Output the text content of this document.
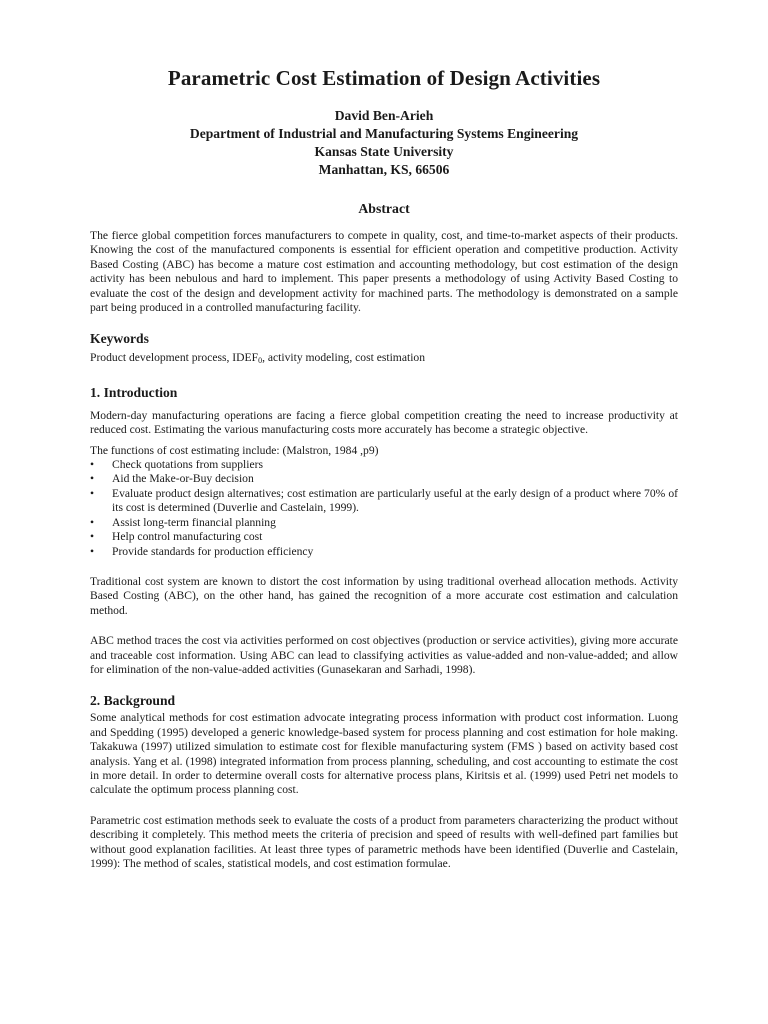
Parametric Cost Estimation of Design Activities
David Ben-Arieh
Department of Industrial and Manufacturing Systems Engineering
Kansas State University
Manhattan, KS, 66506
Abstract

The fierce global competition forces manufacturers to compete in quality, cost, and time-to-market aspects of their products. Knowing the cost of the manufactured components is essential for efficient operation and competitive production. Activity Based Costing (ABC) has become a mature cost estimation and accounting methodology, but cost estimation of the design activity has been nebulous and hard to implement. This paper presents a methodology of using Activity Based Costing to evaluate the cost of the design and development activity for machined parts. The methodology is demonstrated on a sample part being produced in a controlled manufacturing facility.

Keywords
Product development process, $IDEF_0$, activity modeling, cost estimation
1. Introduction

Modern-day manufacturing operations are facing a fierce global competition creating the need to increase productivity at reduced cost. Estimating the various manufacturing costs more accurately has become a strategic objective.

The functions of cost estimating include: (Malstron, 1984 ,p9)

• Check quotations from suppliers
• Aid the Make-or-Buy decision
• Evaluate product design alternatives; cost estimation are particularly useful at the early design of a product where 70% of its cost is determined (Duverlie and Castelain, 1999).
• Assist long-term financial planning
• Help control manufacturing cost
• Provide standards for production efficiency

Traditional cost system are known to distort the cost information by using traditional overhead allocation methods. Activity Based Costing (ABC), on the other hand, has gained the recognition of a more accurate cost estimation and calculation method.

ABC method traces the cost via activities performed on cost objectives (production or service activities), giving more accurate and traceable cost information. Using ABC can lead to classifying activities as value-added and non-value-added; and allow for elimination of the non-value-added activities (Gunasekaran and Sarhadi, 1998).

2. Background

Some analytical methods for cost estimation advocate integrating process information with product cost information. Luong and Spedding (1995) developed a generic knowledge-based system for process planning and cost estimation for hole making. Takakuwa (1997) utilized simulation to estimate cost for flexible manufacturing system (FMS ) based on activity based cost analysis. Yang et al. (1998) integrated information from process planning, scheduling, and cost accounting to estimate the cost in more detail. In order to determine overall costs for alternative process plans, Kiritsis et al. (1999) used Petri net models to calculate the optimum process planning cost.

Parametric cost estimation methods seek to evaluate the costs of a product from parameters characterizing the product without describing it completely. This method meets the criteria of precision and speed of results with well-defined part families but without good explanation facilities. At least three types of parametric methods have been identified (Duverlie and Castelain, 1999): The method of scales, statistical models, and cost estimation formulae.
